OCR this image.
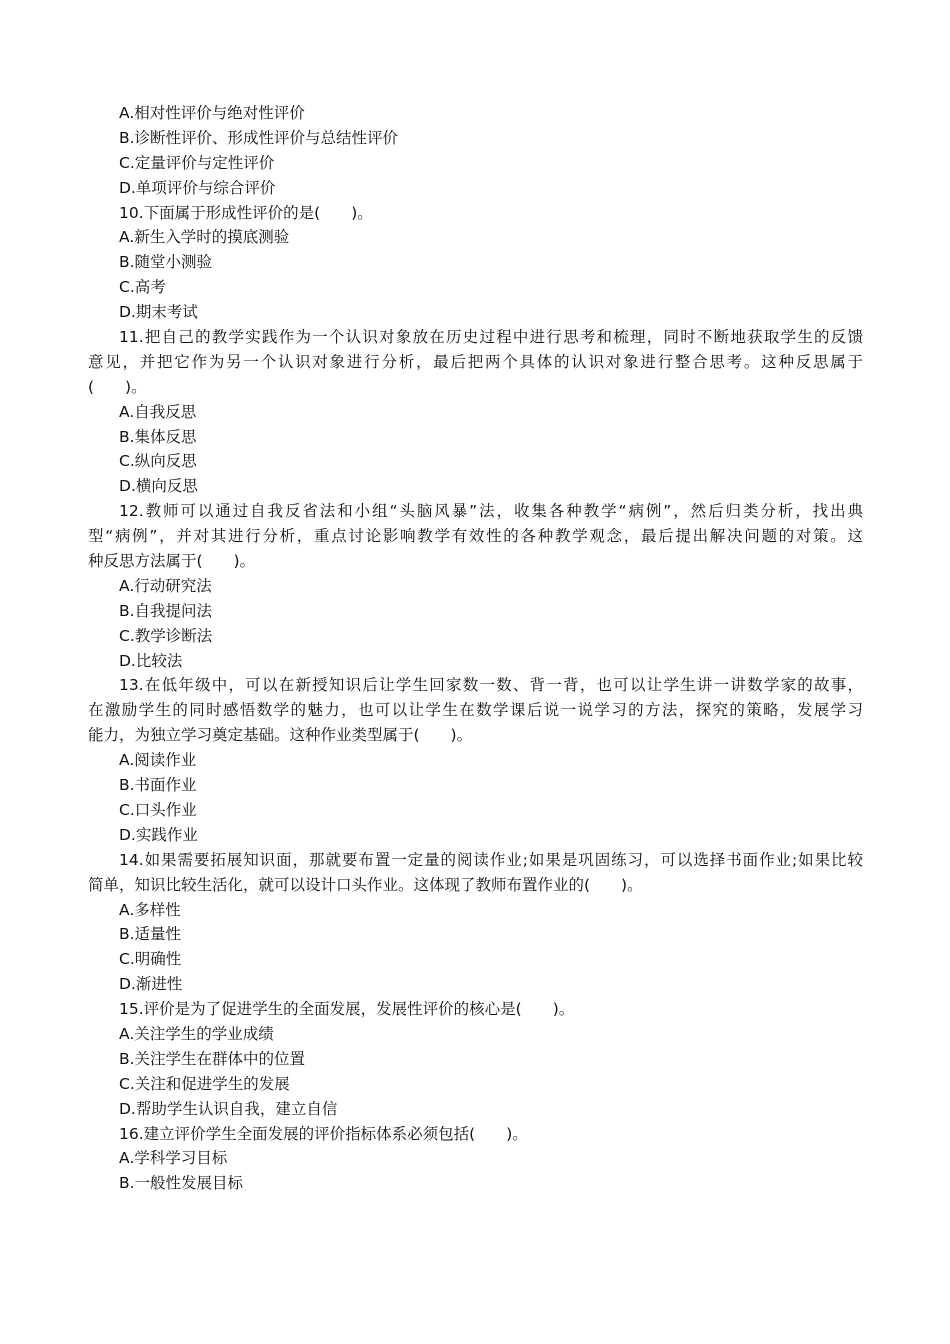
A.相对性评价与绝对性评价
B.诊断性评价、形成性评价与总结性评价
C.定量评价与定性评价
D.单项评价与综合评价
10.下面属于形成性评价的是(　　)。
A.新生入学时的摸底测验
B.随堂小测验
C.高考
D.期末考试
11.把自己的教学实践作为一个认识对象放在历史过程中进行思考和梳理，同时不断地获取学生的反馈
意见，并把它作为另一个认识对象进行分析，最后把两个具体的认识对象进行整合思考。这种反思属于
(　　)。
A.自我反思
B.集体反思
C.纵向反思
D.横向反思
12.教师可以通过自我反省法和小组“头脑风暴”法，收集各种教学“病例”，然后归类分析，找出典
型“病例”，并对其进行分析，重点讨论影响教学有效性的各种教学观念，最后提出解决问题的对策。这
种反思方法属于(　　)。
A.行动研究法
B.自我提问法
C.教学诊断法
D.比较法
13.在低年级中，可以在新授知识后让学生回家数一数、背一背，也可以让学生讲一讲数学家的故事，
在激励学生的同时感悟数学的魅力，也可以让学生在数学课后说一说学习的方法，探究的策略，发展学习
能力，为独立学习奠定基础。这种作业类型属于(　　)。
A.阅读作业
B.书面作业
C.口头作业
D.实践作业
14.如果需要拓展知识面，那就要布置一定量的阅读作业;如果是巩固练习，可以选择书面作业;如果比较
简单，知识比较生活化，就可以设计口头作业。这体现了教师布置作业的(　　)。
A.多样性
B.适量性
C.明确性
D.渐进性
15.评价是为了促进学生的全面发展，发展性评价的核心是(　　)。
A.关注学生的学业成绩
B.关注学生在群体中的位置
C.关注和促进学生的发展
D.帮助学生认识自我，建立自信
16.建立评价学生全面发展的评价指标体系必须包括(　　)。
A.学科学习目标
B.一般性发展目标
